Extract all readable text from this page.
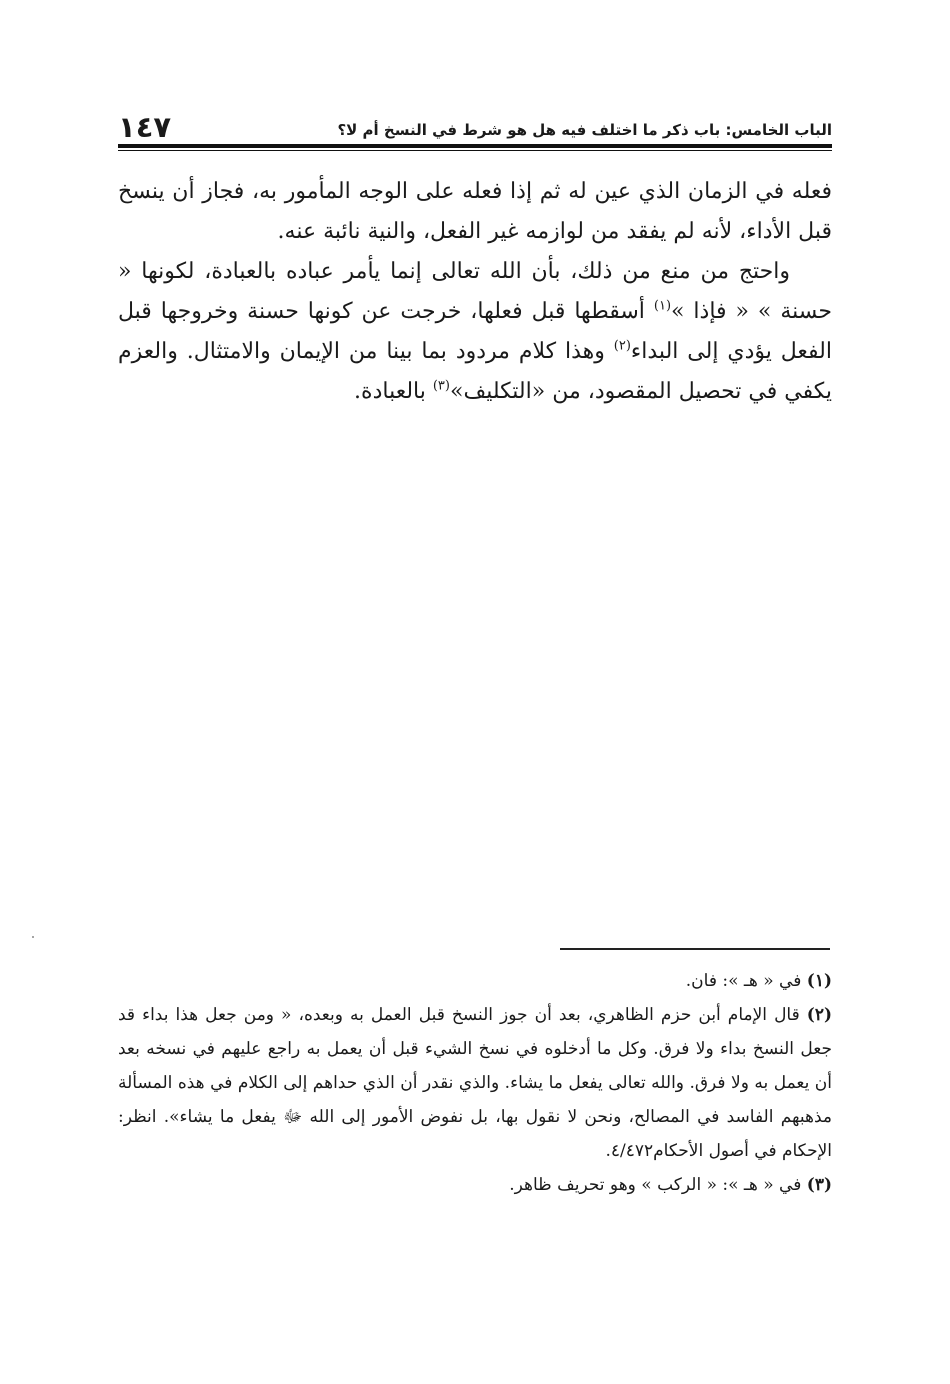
الباب الخامس: باب ذكر ما اختلف فيه هل هو شرط في النسخ أم لا؟
١٤٧

فعله في الزمان الذي عين له ثم إذا فعله على الوجه المأمور به، فجاز أن ينسخ قبل الأداء، لأنه لم يفقد من لوازمه غير الفعل، والنية نائبة عنه.

واحتج من منع من ذلك، بأن الله تعالى إنما يأمر عباده بالعبادة، لكونها « حسنة » « فإذا »$^{(١)}$ أسقطها قبل فعلها، خرجت عن كونها حسنة وخروجها قبل الفعل يؤدي إلى البداء$^{(٢)}$ وهذا كلام مردود بما بينا من الإيمان والامتثال. والعزم يكفي في تحصيل المقصود، من «التكليف»$^{(٣)}$ بالعبادة.

(١) في « هـ »: فان.

(٢) قال الإمام أبن حزم الظاهري، بعد أن جوز النسخ قبل العمل به وبعده، « ومن جعل هذا بداء قد جعل النسخ بداء ولا فرق. وكل ما أدخلوه في نسخ الشيء قبل أن يعمل به راجع عليهم في نسخه بعد أن يعمل به ولا فرق. والله تعالى يفعل ما يشاء. والذي نقدر أن الذي حداهم إلى الكلام في هذه المسألة مذهبهم الفاسد في المصالح، ونحن لا نقول بها، بل نفوض الأمور إلى الله ﷻ يفعل ما يشاء». انظر: الإحكام في أصول الأحكام٤/٤٧٢.

(٣) في « هـ »: « الركب » وهو تحريف ظاهر.
